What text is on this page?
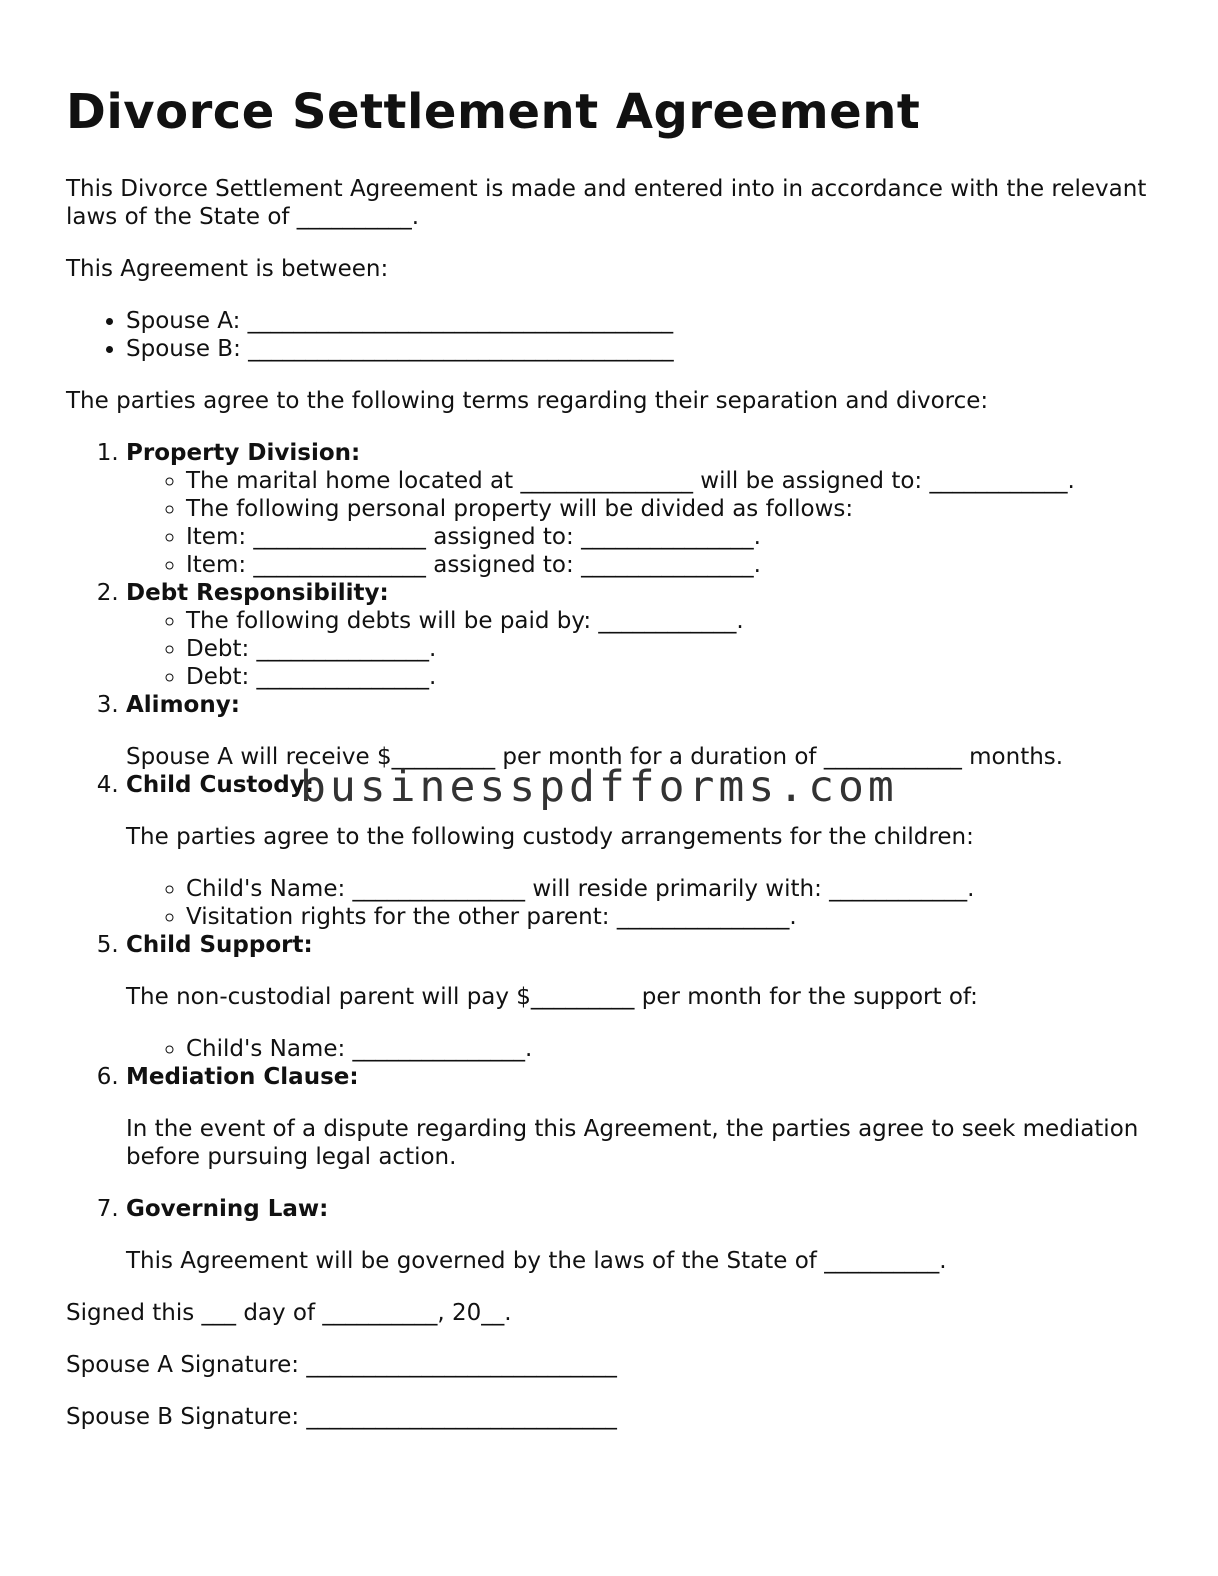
Divorce Settlement Agreement

This Divorce Settlement Agreement is made and entered into in accordance with the relevant laws of the State of __________.

This Agreement is between:

• Spouse A: _____________________________________
• Spouse B: _____________________________________

The parties agree to the following terms regarding their separation and divorce:

1. Property Division:
◦ The marital home located at _______________ will be assigned to: ____________.
◦ The following personal property will be divided as follows:
◦ Item: _______________ assigned to: _______________.
◦ Item: _______________ assigned to: _______________.
2. Debt Responsibility:
◦ The following debts will be paid by: ____________.
◦ Debt: _______________.
◦ Debt: _______________.
3. Alimony:

Spouse A will receive $_________ per month for a duration of ____________ months.

4. Child Custody:

The parties agree to the following custody arrangements for the children:

◦ Child's Name: _______________ will reside primarily with: ____________.
◦ Visitation rights for the other parent: _______________.
5. Child Support:

The non-custodial parent will pay $_________ per month for the support of:

◦ Child's Name: _______________.
6. Mediation Clause:

In the event of a dispute regarding this Agreement, the parties agree to seek mediation before pursuing legal action.

7. Governing Law:

This Agreement will be governed by the laws of the State of __________.

Signed this ___ day of __________, 20__.

Spouse A Signature: ___________________________

Spouse B Signature: ___________________________

businesspdfforms.com
